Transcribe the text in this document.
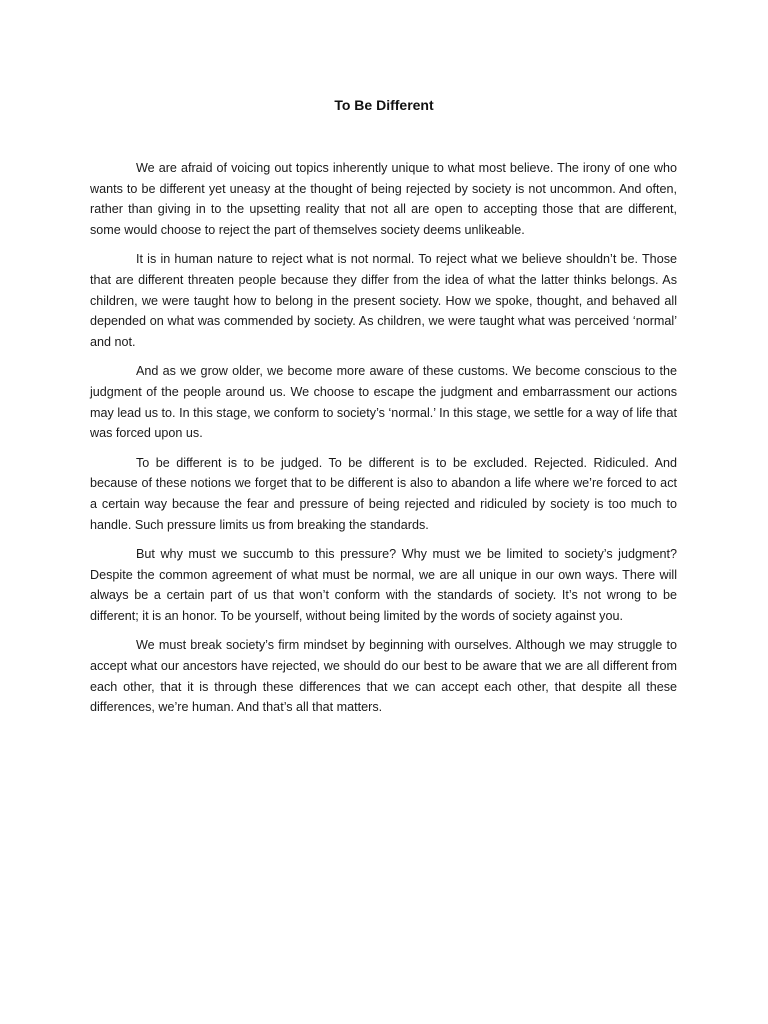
To Be Different

We are afraid of voicing out topics inherently unique to what most believe. The irony of one who wants to be different yet uneasy at the thought of being rejected by society is not uncommon. And often, rather than giving in to the upsetting reality that not all are open to accepting those that are different, some would choose to reject the part of themselves society deems unlikeable.

It is in human nature to reject what is not normal. To reject what we believe shouldn’t be. Those that are different threaten people because they differ from the idea of what the latter thinks belongs. As children, we were taught how to belong in the present society. How we spoke, thought, and behaved all depended on what was commended by society. As children, we were taught what was perceived ‘normal’ and not.

And as we grow older, we become more aware of these customs. We become conscious to the judgment of the people around us. We choose to escape the judgment and embarrassment our actions may lead us to. In this stage, we conform to society’s ‘normal.’ In this stage, we settle for a way of life that was forced upon us.

To be different is to be judged. To be different is to be excluded. Rejected. Ridiculed. And because of these notions we forget that to be different is also to abandon a life where we’re forced to act a certain way because the fear and pressure of being rejected and ridiculed by society is too much to handle. Such pressure limits us from breaking the standards.

But why must we succumb to this pressure? Why must we be limited to society’s judgment? Despite the common agreement of what must be normal, we are all unique in our own ways. There will always be a certain part of us that won’t conform with the standards of society. It’s not wrong to be different; it is an honor. To be yourself, without being limited by the words of society against you.

We must break society’s firm mindset by beginning with ourselves. Although we may struggle to accept what our ancestors have rejected, we should do our best to be aware that we are all different from each other, that it is through these differences that we can accept each other, that despite all these differences, we’re human. And that’s all that matters.
